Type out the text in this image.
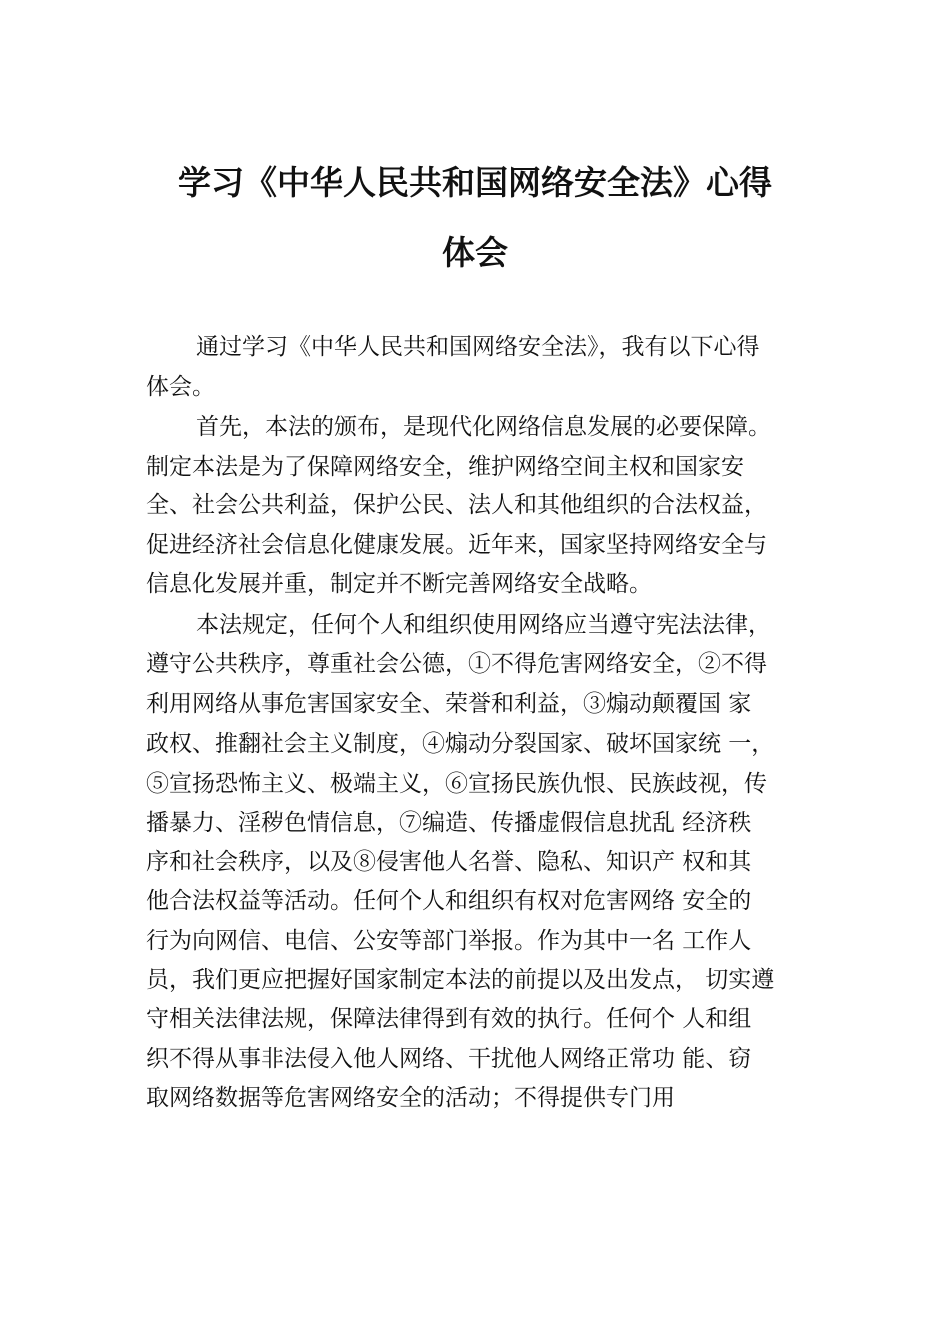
学习《中华人民共和国网络安全法》心得
体会

通过学习《中华人民共和国网络安全法》，我有以下心得

体会。

首先，本法的颁布，是现代化网络信息发展的必要保障。

制定本法是为了保障网络安全，维护网络空间主权和国家安

全、社会公共利益，保护公民、法人和其他组织的合法权益，

促进经济社会信息化健康发展。近年来，国家坚持网络安全与

信息化发展并重，制定并不断完善网络安全战略。

本法规定，任何个人和组织使用网络应当遵守宪法法律，

遵守公共秩序，尊重社会公德，①不得危害网络安全，②不得

利用网络从事危害国家安全、荣誉和利益，③煽动颠覆国 家

政权、推翻社会主义制度，④煽动分裂国家、破坏国家统 一，

⑤宣扬恐怖主义、极端主义，⑥宣扬民族仇恨、民族歧视，传

播暴力、淫秽色情信息，⑦编造、传播虚假信息扰乱 经济秩

序和社会秩序，以及⑧侵害他人名誉、隐私、知识产 权和其

他合法权益等活动。任何个人和组织有权对危害网络 安全的

行为向网信、电信、公安等部门举报。作为其中一名 工作人

员，我们更应把握好国家制定本法的前提以及出发点， 切实遵

守相关法律法规，保障法律得到有效的执行。任何个 人和组

织不得从事非法侵入他人网络、干扰他人网络正常功 能、窃

取网络数据等危害网络安全的活动；不得提供专门用
